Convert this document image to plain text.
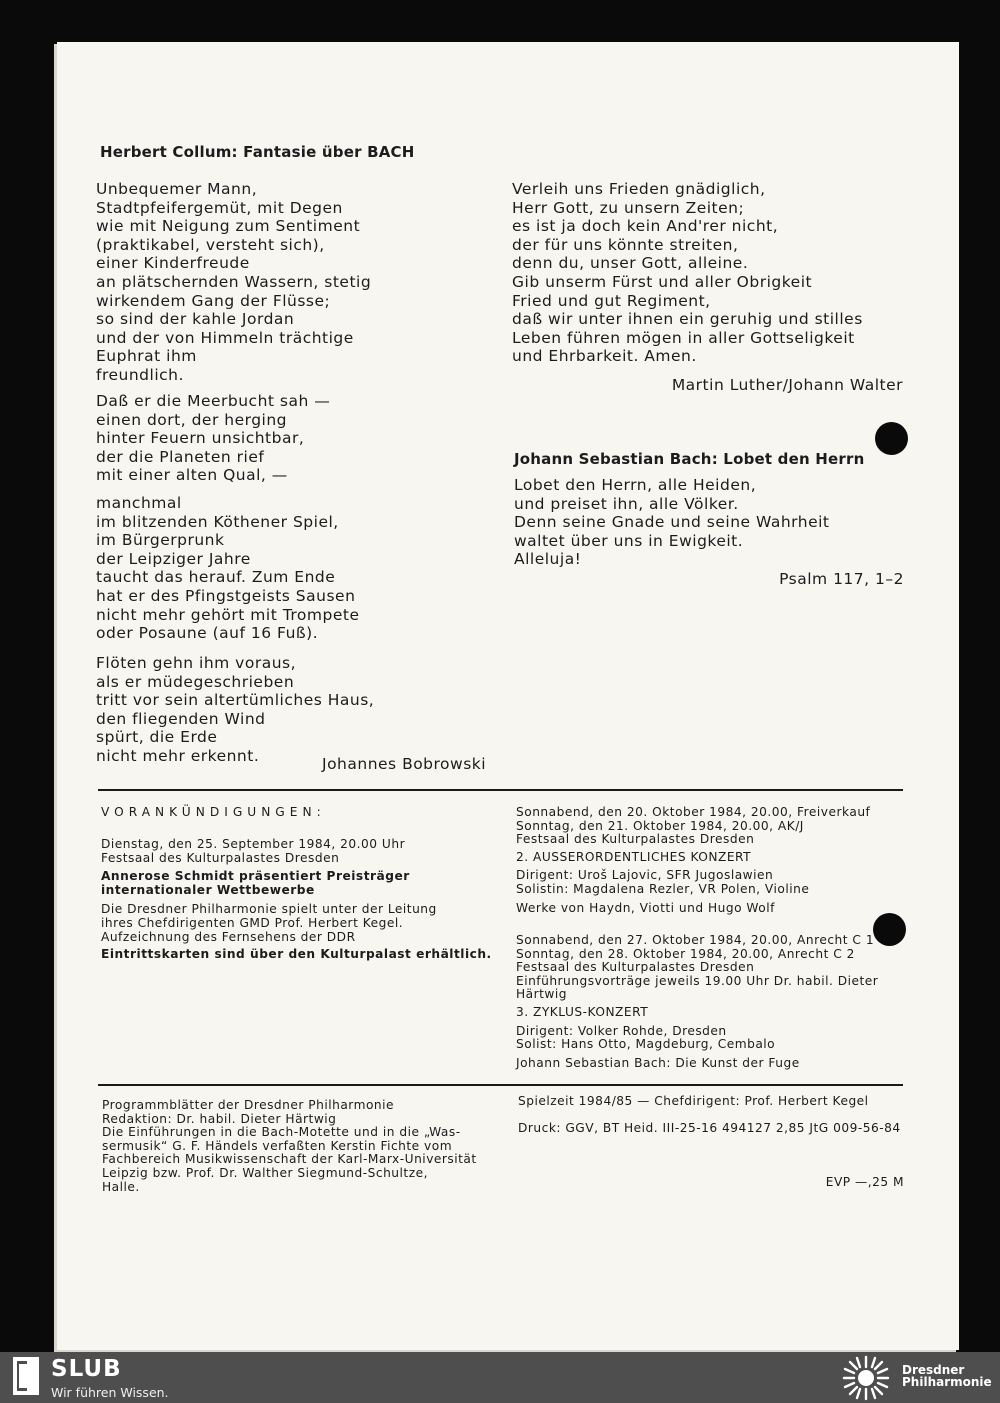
Herbert Collum: Fantasie über BACH
Unbequemer Mann,
Stadtpfeifergemüt, mit Degen
wie mit Neigung zum Sentiment
(praktikabel, versteht sich),
einer Kinderfreude
an plätschernden Wassern, stetig
wirkendem Gang der Flüsse;
so sind der kahle Jordan
und der von Himmeln trächtige
Euphrat ihm
freundlich.
Daß er die Meerbucht sah —
einen dort, der herging
hinter Feuern unsichtbar,
der die Planeten rief
mit einer alten Qual, —
manchmal
im blitzenden Köthener Spiel,
im Bürgerprunk
der Leipziger Jahre
taucht das herauf. Zum Ende
hat er des Pfingstgeists Sausen
nicht mehr gehört mit Trompete
oder Posaune (auf 16 Fuß).
Flöten gehn ihm voraus,
als er müdegeschrieben
tritt vor sein altertümliches Haus,
den fliegenden Wind
spürt, die Erde
nicht mehr erkennt.	Johannes Bobrowski
Verleih uns Frieden gnädiglich,
Herr Gott, zu unsern Zeiten;
es ist ja doch kein And'rer nicht,
der für uns könnte streiten,
denn du, unser Gott, alleine.
Gib unserm Fürst und aller Obrigkeit
Fried und gut Regiment,
daß wir unter ihnen ein geruhig und stilles
Leben führen mögen in aller Gottseligkeit
und Ehrbarkeit. Amen.
Martin Luther/Johann Walter
Johann Sebastian Bach: Lobet den Herrn
Lobet den Herrn, alle Heiden,
und preiset ihn, alle Völker.
Denn seine Gnade und seine Wahrheit
waltet über uns in Ewigkeit.
Alleluja!
Psalm 117, 1–2
VORANKÜNDIGUNGEN:
Dienstag, den 25. September 1984, 20.00 Uhr
Festsaal des Kulturpalastes Dresden
Annerose Schmidt präsentiert Preisträger
internationaler Wettbewerbe
Die Dresdner Philharmonie spielt unter der Leitung
ihres Chefdirigenten GMD Prof. Herbert Kegel.
Aufzeichnung des Fernsehens der DDR
Eintrittskarten sind über den Kulturpalast erhältlich.
Sonnabend, den 20. Oktober 1984, 20.00, Freiverkauf
Sonntag, den 21. Oktober 1984, 20.00, AK/J
Festsaal des Kulturpalastes Dresden
2. AUSSERORDENTLICHES KONZERT
Dirigent: Uroš Lajovic, SFR Jugoslawien
Solistin: Magdalena Rezler, VR Polen, Violine
Werke von Haydn, Viotti und Hugo Wolf
Sonnabend, den 27. Oktober 1984, 20.00, Anrecht C 1
Sonntag, den 28. Oktober 1984, 20.00, Anrecht C 2
Festsaal des Kulturpalastes Dresden
Einführungsvorträge jeweils 19.00 Uhr Dr. habil. Dieter
Härtwig
3. ZYKLUS-KONZERT
Dirigent: Volker Rohde, Dresden
Solist: Hans Otto, Magdeburg, Cembalo
Johann Sebastian Bach: Die Kunst der Fuge
Programmblätter der Dresdner Philharmonie
Redaktion: Dr. habil. Dieter Härtwig
Die Einführungen in die Bach-Motette und in die „Was-
sermusik“ G. F. Händels verfaßten Kerstin Fichte vom
Fachbereich Musikwissenschaft der Karl-Marx-Universität
Leipzig bzw. Prof. Dr. Walther Siegmund-Schultze,
Halle.
Spielzeit 1984/85 — Chefdirigent: Prof. Herbert Kegel
Druck: GGV, BT Heid. III-25-16 494127 2,85 JtG 009-56-84
EVP —,25 M
SLUB
Wir führen Wissen.
Dresdner
Philharmonie
